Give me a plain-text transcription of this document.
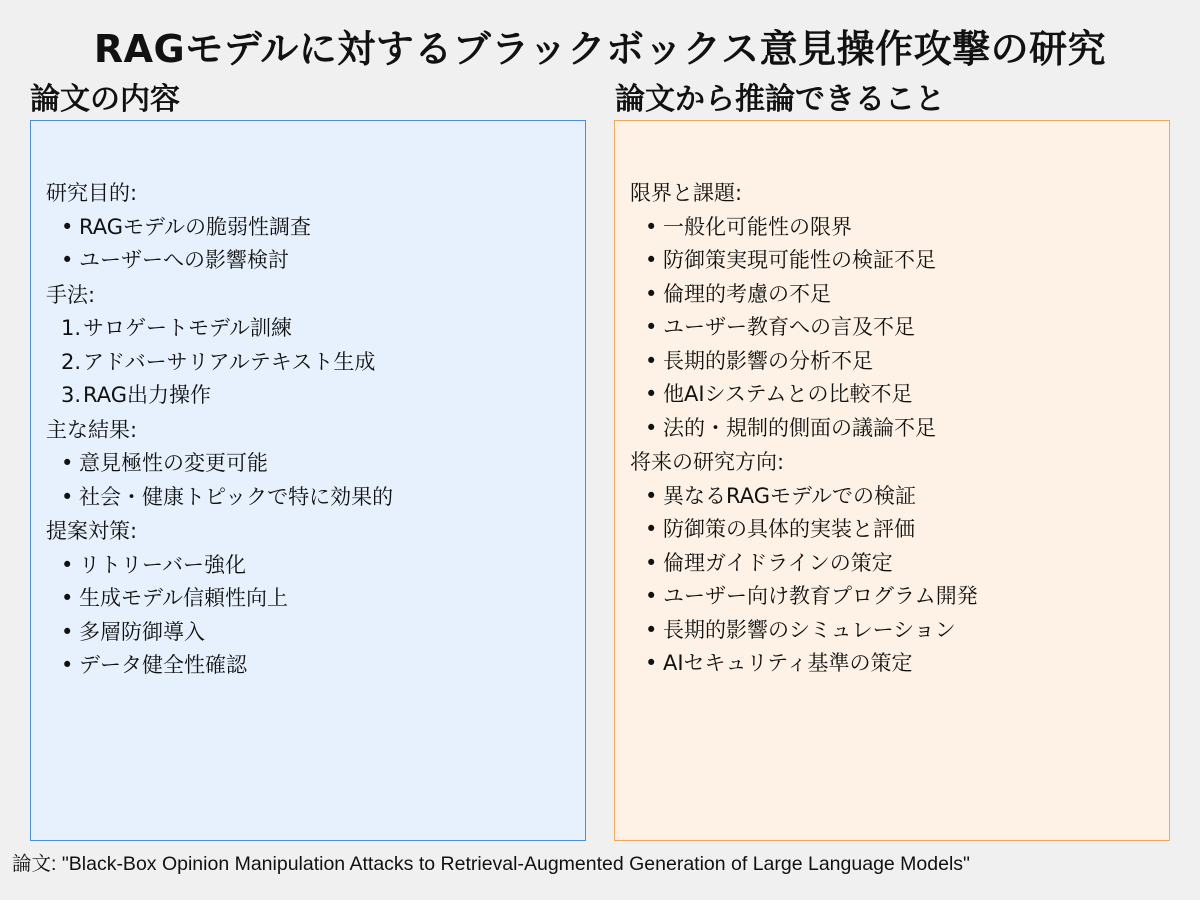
RAGモデルに対するブラックボックス意見操作攻撃の研究
論文の内容	論文から推論できること
研究目的:
• RAGモデルの脆弱性調査
• ユーザーへの影響検討
手法:
1. サロゲートモデル訓練
2. アドバーサリアルテキスト生成
3. RAG出力操作
主な結果:
• 意見極性の変更可能
• 社会・健康トピックで特に効果的
提案対策:
• リトリーバー強化
• 生成モデル信頼性向上
• 多層防御導入
• データ健全性確認
限界と課題:
• 一般化可能性の限界
• 防御策実現可能性の検証不足
• 倫理的考慮の不足
• ユーザー教育への言及不足
• 長期的影響の分析不足
• 他AIシステムとの比較不足
• 法的・規制的側面の議論不足
将来の研究方向:
• 異なるRAGモデルでの検証
• 防御策の具体的実装と評価
• 倫理ガイドラインの策定
• ユーザー向け教育プログラム開発
• 長期的影響のシミュレーション
• AIセキュリティ基準の策定
論文: "Black-Box Opinion Manipulation Attacks to Retrieval-Augmented Generation of Large Language Models"
